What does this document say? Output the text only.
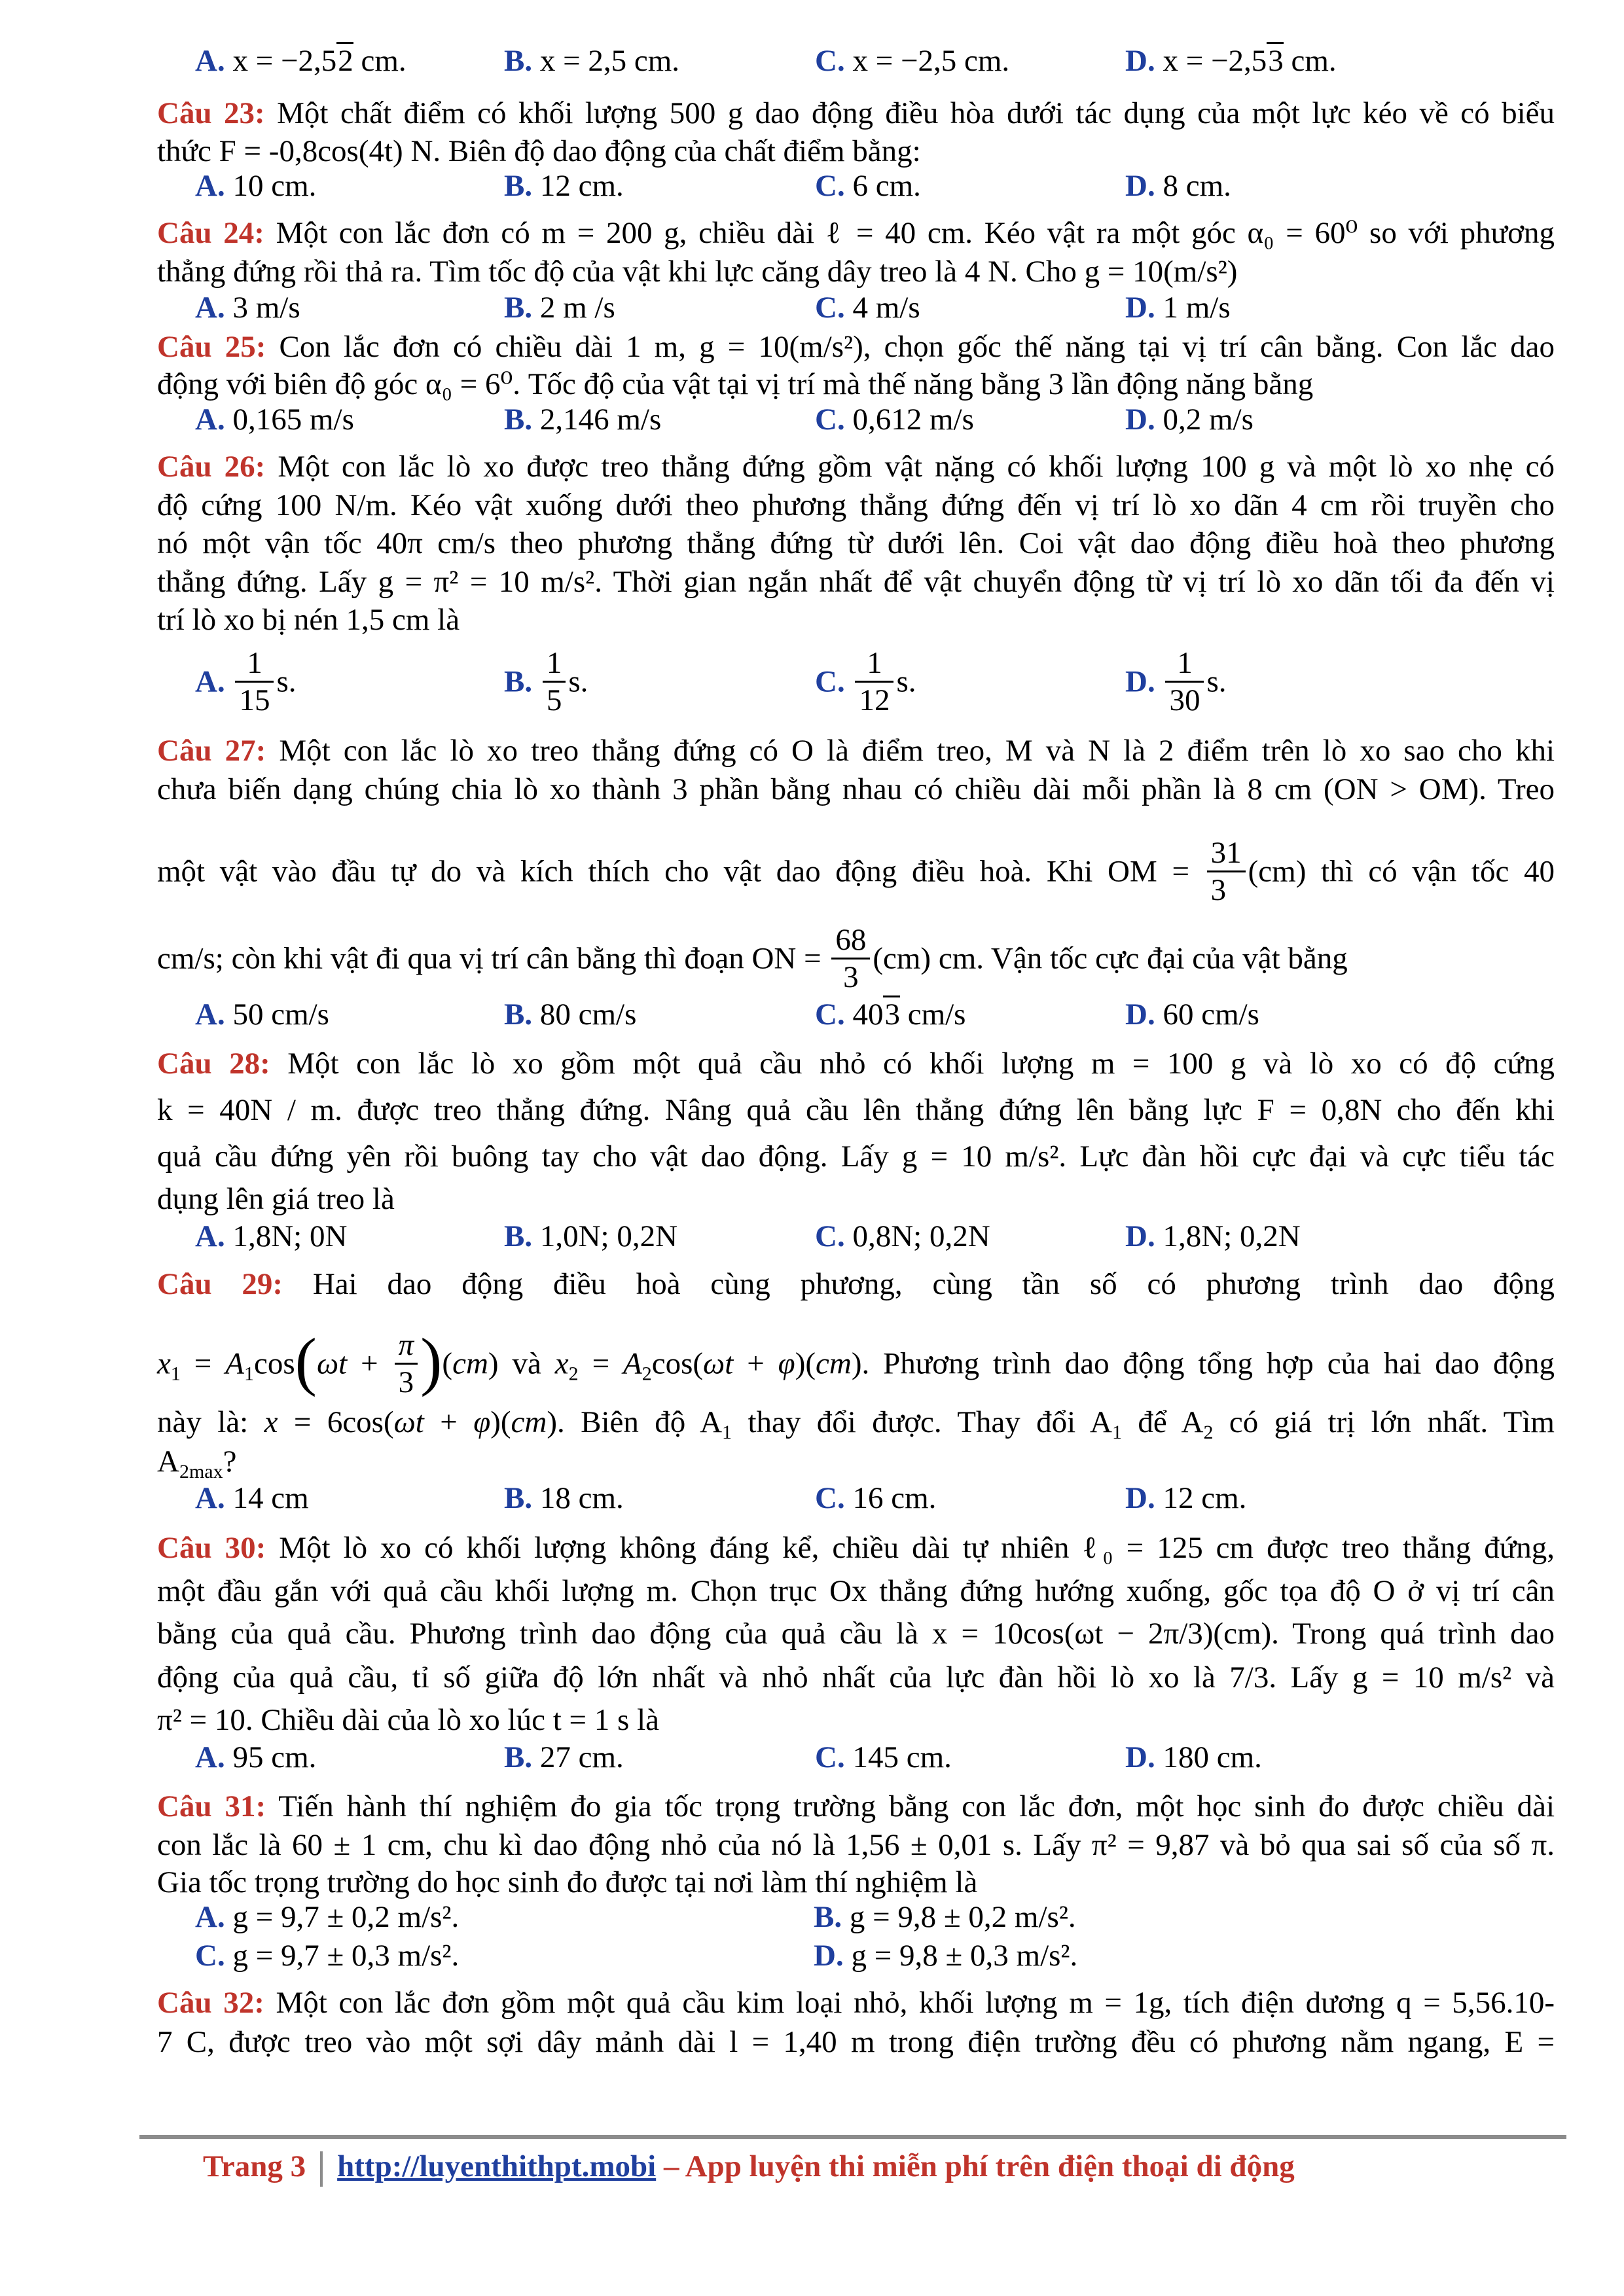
A. x = −2,52 cm.	B. x = 2,5 cm.	C. x = −2,5 cm.	D. x = −2,53 cm.
Câu 23: Một chất điểm có khối lượng 500 g dao động điều hòa dưới tác dụng của một lực kéo về có biểu
thức F = -0,8cos(4t) N. Biên độ dao động của chất điểm bằng:
A. 10 cm.	B. 12 cm.	C. 6 cm.	D. 8 cm.
Câu 24: Một con lắc đơn có m = 200 g, chiều dài ℓ = 40 cm. Kéo vật ra một góc α₀ = 60⁰ so với phương
thẳng đứng rồi thả ra. Tìm tốc độ của vật khi lực căng dây treo là 4 N. Cho g = 10(m/s²)
A. 3 m/s	B. 2 m /s	C. 4 m/s	D. 1 m/s
Câu 25: Con lắc đơn có chiều dài 1 m, g = 10(m/s²), chọn gốc thế năng tại vị trí cân bằng. Con lắc dao
động với biên độ góc α₀ = 6⁰. Tốc độ của vật tại vị trí mà thế năng bằng 3 lần động năng bằng
A. 0,165 m/s	B. 2,146 m/s	C. 0,612 m/s	D. 0,2 m/s
Câu 26: Một con lắc lò xo được treo thẳng đứng gồm vật nặng có khối lượng 100 g và một lò xo nhẹ có
độ cứng 100 N/m. Kéo vật xuống dưới theo phương thẳng đứng đến vị trí lò xo dãn 4 cm rồi truyền cho
nó một vận tốc 40π cm/s theo phương thẳng đứng từ dưới lên. Coi vật dao động điều hoà theo phương
thẳng đứng. Lấy g = π² = 10 m/s². Thời gian ngắn nhất để vật chuyển động từ vị trí lò xo dãn tối đa đến vị
trí lò xo bị nén 1,5 cm là
A. $\frac{1}{15} s$.	B. $\frac{1}{5} s$.	C. $\frac{1}{12} s$.	D. $\frac{1}{30} s$.
Câu 27: Một con lắc lò xo treo thẳng đứng có O là điểm treo, M và N là 2 điểm trên lò xo sao cho khi
chưa biến dạng chúng chia lò xo thành 3 phần bằng nhau có chiều dài mỗi phần là 8 cm (ON > OM). Treo
một vật vào đầu tự do và kích thích cho vật dao động điều hoà. Khi OM = $\frac{31}{3} (cm)$ thì có vận tốc 40
cm/s; còn khi vật đi qua vị trí cân bằng thì đoạn ON = $\frac{68}{3} (cm)$ cm. Vận tốc cực đại của vật bằng
A. 50 cm/s	B. 80 cm/s	C. 403 cm/s	D. 60 cm/s
Câu 28: Một con lắc lò xo gồm một quả cầu nhỏ có khối lượng m = 100 g và lò xo có độ cứng
k = 40N / m. được treo thẳng đứng. Nâng quả cầu lên thẳng đứng lên bằng lực F = 0,8N cho đến khi
quả cầu đứng yên rồi buông tay cho vật dao động. Lấy g = 10 m/s². Lực đàn hồi cực đại và cực tiểu tác
dụng lên giá treo là
A. 1,8N; 0N	B. 1,0N; 0,2N	C. 0,8N; 0,2N	D. 1,8N; 0,2N
Câu 29: Hai dao động điều hoà cùng phương, cùng tần số có phương trình dao động
$x_1 = A_1\cos(\omega t + \frac{\pi}{3} )(cm)$ và $x_2 = A_2\cos(\omega t + \varphi)(cm)$. Phương trình dao động tổng hợp của hai dao động
này là: x = 6cos(ωt + φ)(cm). Biên độ $A_1$ thay đổi được. Thay đổi $A_1$ để $A_2$ có giá trị lớn nhất. Tìm
$A_{2max}$?
A. 14 cm	B. 18 cm.	C. 16 cm.	D. 12 cm.
Câu 30: Một lò xo có khối lượng không đáng kể, chiều dài tự nhiên ℓ₀ = 125 cm được treo thẳng đứng,
một đầu gắn với quả cầu khối lượng m. Chọn trục Ox thẳng đứng hướng xuống, gốc tọa độ O ở vị trí cân
bằng của quả cầu. Phương trình dao động của quả cầu là x = 10cos(ωt − 2π/3)(cm). Trong quá trình dao
động của quả cầu, tỉ số giữa độ lớn nhất và nhỏ nhất của lực đàn hồi lò xo là 7/3. Lấy g = 10 m/s² và
π² = 10. Chiều dài của lò xo lúc t = 1 s là
A. 95 cm.	B. 27 cm.	C. 145 cm.	D. 180 cm.
Câu 31: Tiến hành thí nghiệm đo gia tốc trọng trường bằng con lắc đơn, một học sinh đo được chiều dài
con lắc là 60 ± 1 cm, chu kì dao động nhỏ của nó là 1,56 ± 0,01 s. Lấy π² = 9,87 và bỏ qua sai số của số π.
Gia tốc trọng trường do học sinh đo được tại nơi làm thí nghiệm là
A. g = 9,7 ± 0,2 m/s².	B. g = 9,8 ± 0,2 m/s².
C. g = 9,7 ± 0,3 m/s².	D. g = 9,8 ± 0,3 m/s².
Câu 32: Một con lắc đơn gồm một quả cầu kim loại nhỏ, khối lượng m = 1g, tích điện dương q = 5,56.10-
7 C, được treo vào một sợi dây mảnh dài l = 1,40 m trong điện trường đều có phương nằm ngang, E =
Trang 3 http://luyenthithpt.mobi – App luyện thi miễn phí trên điện thoại di động
